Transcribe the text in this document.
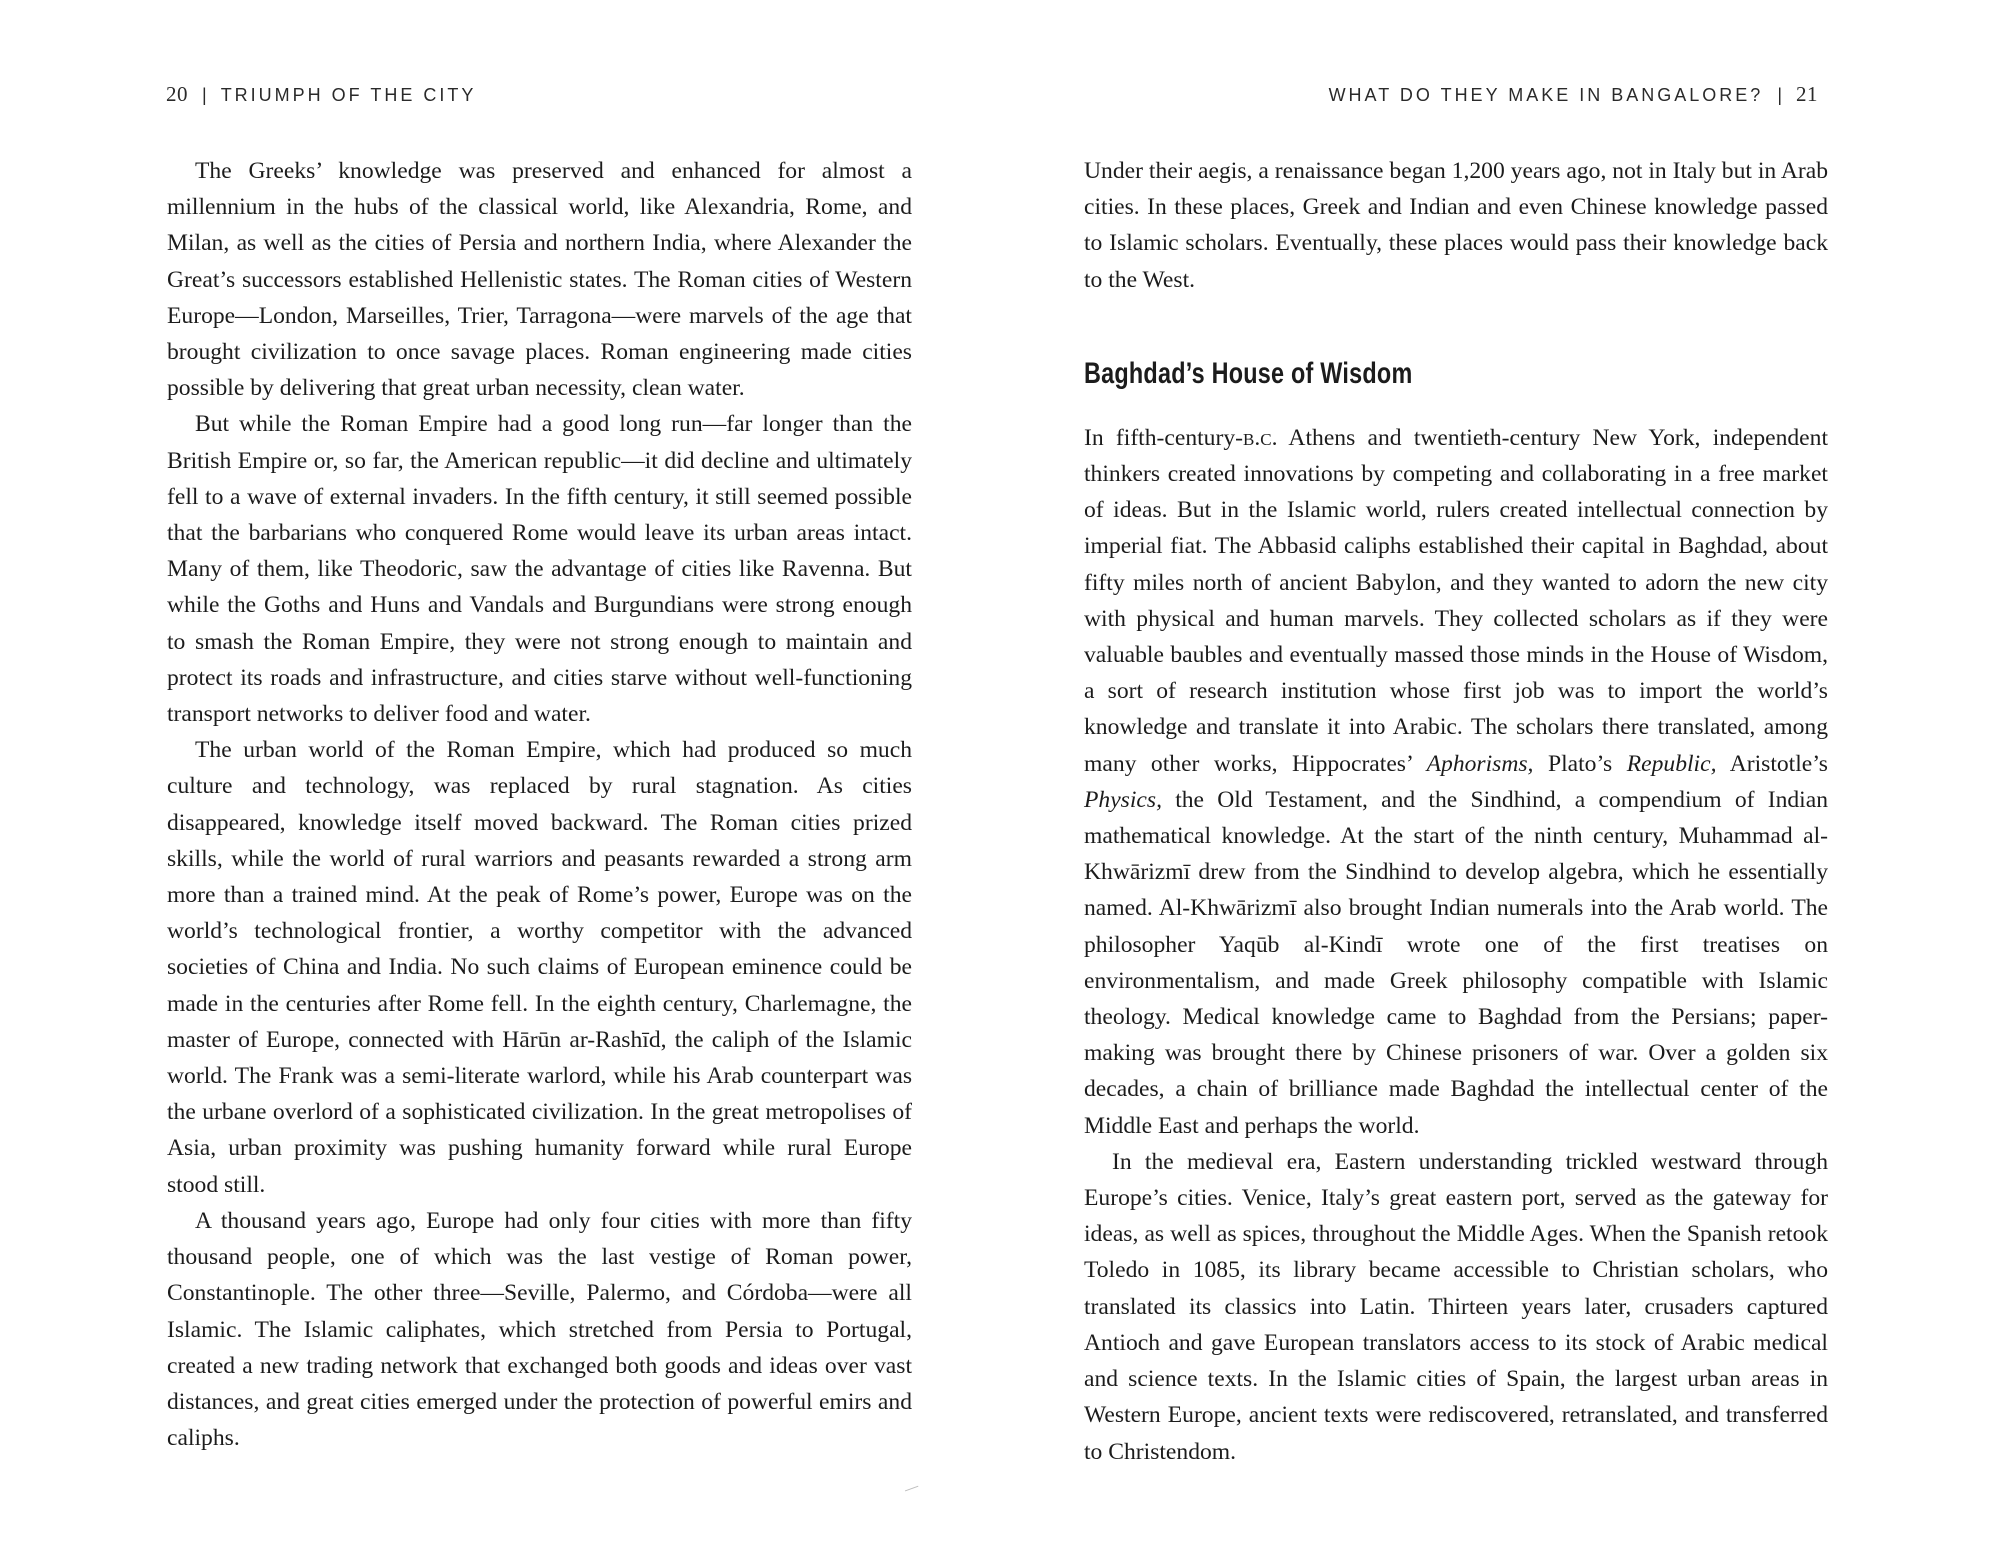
20 | TRIUMPH OF THE CITY

The Greeks’ knowledge was preserved and enhanced for almost a millennium in the hubs of the classical world, like Alexandria, Rome, and Milan, as well as the cities of Persia and northern India, where Alexander the Great’s successors established Hellenistic states. The Roman cities of Western Europe—London, Marseilles, Trier, Tarragona—were marvels of the age that brought civilization to once savage places. Roman engineering made cities possible by delivering that great urban necessity, clean water.

But while the Roman Empire had a good long run—far longer than the British Empire or, so far, the American republic—it did decline and ultimately fell to a wave of external invaders. In the fifth century, it still seemed possible that the barbarians who conquered Rome would leave its urban areas intact. Many of them, like Theodoric, saw the advantage of cities like Ravenna. But while the Goths and Huns and Vandals and Burgundians were strong enough to smash the Roman Empire, they were not strong enough to maintain and protect its roads and infrastructure, and cities starve without well-functioning transport networks to deliver food and water.

The urban world of the Roman Empire, which had produced so much culture and technology, was replaced by rural stagnation. As cities disappeared, knowledge itself moved backward. The Roman cities prized skills, while the world of rural warriors and peasants rewarded a strong arm more than a trained mind. At the peak of Rome’s power, Europe was on the world’s technological frontier, a worthy competitor with the advanced societies of China and India. No such claims of European eminence could be made in the centuries after Rome fell. In the eighth century, Charlemagne, the master of Europe, connected with Hārūn ar-Rashīd, the caliph of the Islamic world. The Frank was a semi-literate warlord, while his Arab counterpart was the urbane overlord of a sophisticated civilization. In the great metropolises of Asia, urban proximity was pushing humanity forward while rural Europe stood still.

A thousand years ago, Europe had only four cities with more than fifty thousand people, one of which was the last vestige of Roman power, Constantinople. The other three—Seville, Palermo, and Córdoba—were all Islamic. The Islamic caliphates, which stretched from Persia to Portugal, created a new trading network that exchanged both goods and ideas over vast distances, and great cities emerged under the protection of powerful emirs and caliphs.

WHAT DO THEY MAKE IN BANGALORE? | 21

Under their aegis, a renaissance began 1,200 years ago, not in Italy but in Arab cities. In these places, Greek and Indian and even Chinese knowledge passed to Islamic scholars. Eventually, these places would pass their knowledge back to the West.

Baghdad’s House of Wisdom

In fifth-century-b.c. Athens and twentieth-century New York, independent thinkers created innovations by competing and collaborating in a free market of ideas. But in the Islamic world, rulers created intellectual connection by imperial fiat. The Abbasid caliphs established their capital in Baghdad, about fifty miles north of ancient Babylon, and they wanted to adorn the new city with physical and human marvels. They collected scholars as if they were valuable baubles and eventually massed those minds in the House of Wisdom, a sort of research institution whose first job was to import the world’s knowledge and translate it into Arabic. The scholars there translated, among many other works, Hippocrates’ Aphorisms, Plato’s Republic, Aristotle’s Physics, the Old Testament, and the Sindhind, a compendium of Indian mathematical knowledge. At the start of the ninth century, Muhammad al-Khwārizmī drew from the Sindhind to develop algebra, which he essentially named. Al-Khwārizmī also brought Indian numerals into the Arab world. The philosopher Yaqūb al-Kindī wrote one of the first treatises on environmentalism, and made Greek philosophy compatible with Islamic theology. Medical knowledge came to Baghdad from the Persians; paper-making was brought there by Chinese prisoners of war. Over a golden six decades, a chain of brilliance made Baghdad the intellectual center of the Middle East and perhaps the world.

In the medieval era, Eastern understanding trickled westward through Europe’s cities. Venice, Italy’s great eastern port, served as the gateway for ideas, as well as spices, throughout the Middle Ages. When the Spanish retook Toledo in 1085, its library became accessible to Christian scholars, who translated its classics into Latin. Thirteen years later, crusaders captured Antioch and gave European translators access to its stock of Arabic medical and science texts. In the Islamic cities of Spain, the largest urban areas in Western Europe, ancient texts were rediscovered, retranslated, and transferred to Christendom.
